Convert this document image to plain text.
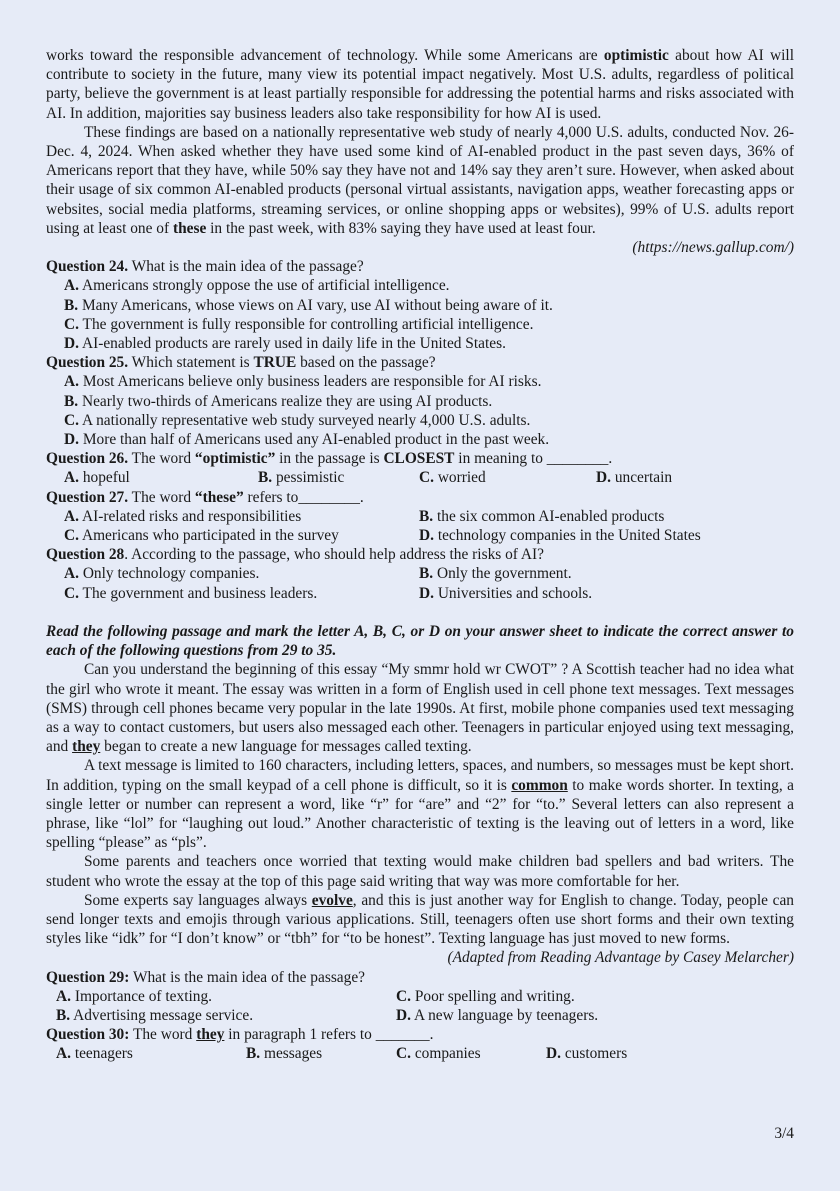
works toward the responsible advancement of technology. While some Americans are optimistic about how AI will contribute to society in the future, many view its potential impact negatively. Most U.S. adults, regardless of political party, believe the government is at least partially responsible for addressing the potential harms and risks associated with AI. In addition, majorities say business leaders also take responsibility for how AI is used.

These findings are based on a nationally representative web study of nearly 4,000 U.S. adults, conducted Nov. 26-Dec. 4, 2024. When asked whether they have used some kind of AI-enabled product in the past seven days, 36% of Americans report that they have, while 50% say they have not and 14% say they aren’t sure. However, when asked about their usage of six common AI-enabled products (personal virtual assistants, navigation apps, weather forecasting apps or websites, social media platforms, streaming services, or online shopping apps or websites), 99% of U.S. adults report using at least one of these in the past week, with 83% saying they have used at least four.

(https://news.gallup.com/)

Question 24. What is the main idea of the passage?

A. Americans strongly oppose the use of artificial intelligence.

B. Many Americans, whose views on AI vary, use AI without being aware of it.

C. The government is fully responsible for controlling artificial intelligence.

D. AI-enabled products are rarely used in daily life in the United States.

Question 25. Which statement is TRUE based on the passage?

A. Most Americans believe only business leaders are responsible for AI risks.

B. Nearly two-thirds of Americans realize they are using AI products.

C. A nationally representative web study surveyed nearly 4,000 U.S. adults.

D. More than half of Americans used any AI-enabled product in the past week.

Question 26. The word “optimistic” in the passage is CLOSEST in meaning to ________.

A. hopeful	B. pessimistic	C. worried	D. uncertain

Question 27. The word “these” refers to________.

A. AI-related risks and responsibilities	B. the six common AI-enabled products
C. Americans who participated in the survey	D. technology companies in the United States

Question 28. According to the passage, who should help address the risks of AI?

A. Only technology companies.	B. Only the government.
C. The government and business leaders.	D. Universities and schools.

Read the following passage and mark the letter A, B, C, or D on your answer sheet to indicate the correct answer to each of the following questions from 29 to 35.

Can you understand the beginning of this essay “My smmr hold wr CWOT” ? A Scottish teacher had no idea what the girl who wrote it meant. The essay was written in a form of English used in cell phone text messages. Text messages (SMS) through cell phones became very popular in the late 1990s. At first, mobile phone companies used text messaging as a way to contact customers, but users also messaged each other. Teenagers in particular enjoyed using text messaging, and they began to create a new language for messages called texting.

A text message is limited to 160 characters, including letters, spaces, and numbers, so messages must be kept short. In addition, typing on the small keypad of a cell phone is difficult, so it is common to make words shorter. In texting, a single letter or number can represent a word, like “r” for “are” and “2” for “to.” Several letters can also represent a phrase, like “lol” for “laughing out loud.” Another characteristic of texting is the leaving out of letters in a word, like spelling “please” as “pls”.

Some parents and teachers once worried that texting would make children bad spellers and bad writers. The student who wrote the essay at the top of this page said writing that way was more comfortable for her.

Some experts say languages always evolve, and this is just another way for English to change. Today, people can send longer texts and emojis through various applications. Still, teenagers often use short forms and their own texting styles like “idk” for “I don’t know” or “tbh” for “to be honest”. Texting language has just moved to new forms.

(Adapted from Reading Advantage by Casey Melarcher)

Question 29: What is the main idea of the passage?

A. Importance of texting.	C. Poor spelling and writing.
B. Advertising message service.	D. A new language by teenagers.

Question 30: The word they in paragraph 1 refers to _______.

A. teenagers	B. messages	C. companies	D. customers
3/4
